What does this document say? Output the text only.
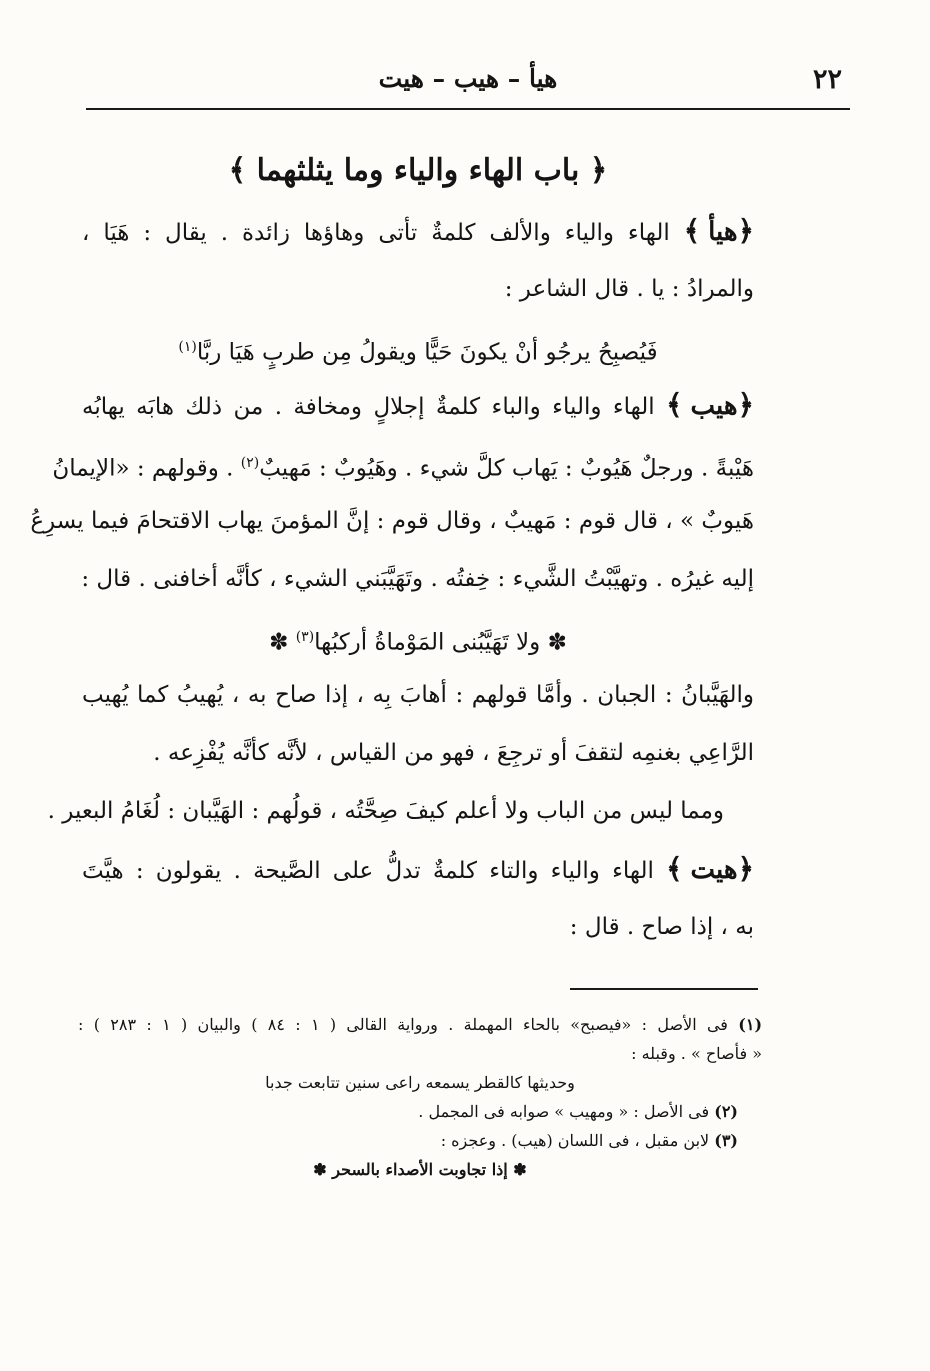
٢٢
هيأ – هيب – هيت
﴿ باب الهاء والياء وما يثلثهما ﴾
﴿هيأ﴾ الهاء والياء والألف كلمةٌ تأتى وهاؤها زائدة . يقال : هَيَا ،
والمرادُ : يا . قال الشاعر :
فَيُصبِحُ يرجُو أنْ يكونَ حَيًّا ويقولُ مِن طربٍ هَيَا ربَّا$^{(١)}$
﴿هيب﴾ الهاء والياء والباء كلمةٌ إجلالٍ ومخافة . من ذلك هابَه يهابُه
هَيْبةً . ورجلٌ هَيُوبٌ : يَهاب كلَّ شيء . وهَيُوبٌ : مَهيبٌ$^{(٢)}$ . وقولهم : «الإيمانُ
هَيوبٌ » ، قال قوم : مَهيبٌ ، وقال قوم : إنَّ المؤمنَ يهاب الاقتحامَ فيما يسرِعُ
إليه غيرُه . وتهيَّبْتُ الشَّيء : خِفتُه . وتَهَيَّبَني الشيء ، كأنَّه أخافنى . قال :
✽ ولا تَهَيَّبُنى المَوْماةُ أركبُها$^{(٣)}$ ✽
والهَيَّبانُ : الجبان . وأمَّا قولهم : أهابَ بِه ، إذا صاح به ، يُهيبُ كما يُهيب
الرَّاعِي بغنمِه لتقفَ أو ترجِعَ ، فهو من القياس ، لأنَّه كأنَّه يُفْزِعه .
ومما ليس من الباب ولا أعلم كيفَ صِحَّتُه ، قولُهم : الهَيَّبان : لُغَامُ البعير .
﴿هيت﴾ الهاء والياء والتاء كلمةٌ تدلُّ على الصَّيحة . يقولون : هيَّتَ
به ، إذا صاح . قال :
(١) فى الأصل : «فيصبح» بالحاء المهملة . ورواية القالى ( ١ : ٨٤ ) والبيان ( ١ : ٢٨٣ ) :
« فأصاح » . وقبله :
وحديثها كالقطر يسمعه راعى سنين تتابعت جدبا
(٢) فى الأصل : « ومهيب » صوابه فى المجمل .
(٣) لابن مقبل ، فى اللسان (هيب) . وعجزه :
✽ إذا تجاوبت الأصداء بالسحر ✽
